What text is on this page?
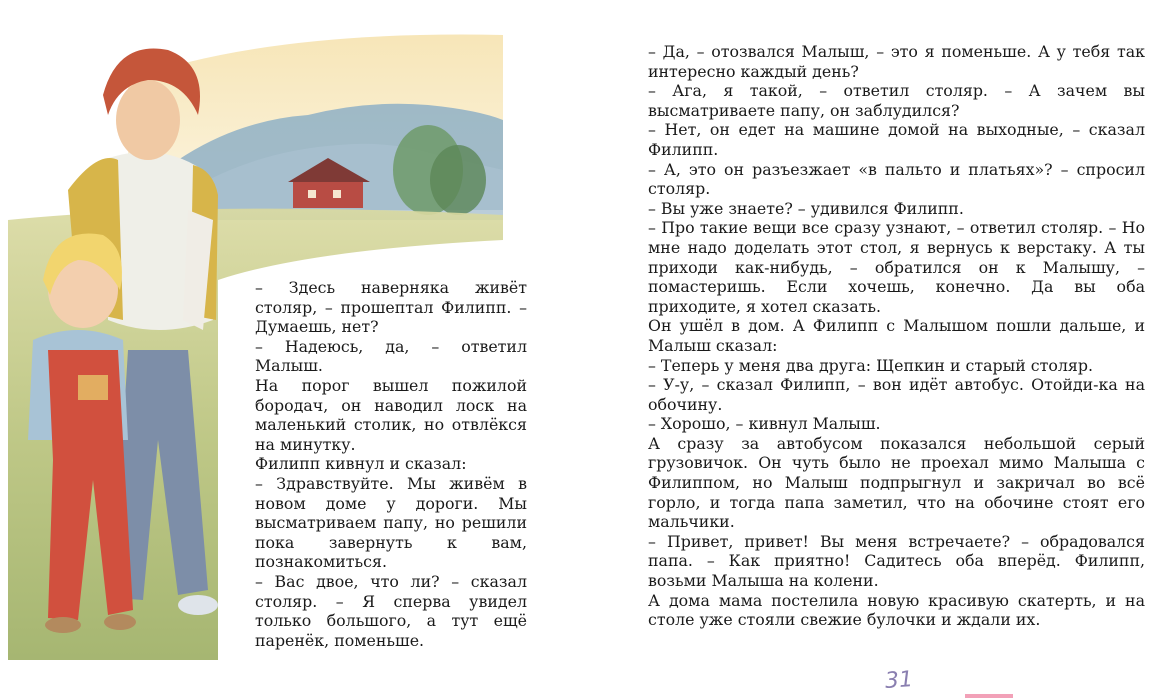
– Здесь наверняка живёт столяр, – прошептал Филипп. – Думаешь, нет?

– Надеюсь, да, – ответил Малыш.

На порог вышел пожилой бородач, он наводил лоск на маленький столик, но отвлёкся на минутку.

Филипп кивнул и сказал:

– Здравствуйте. Мы живём в новом доме у дороги. Мы высматриваем папу, но решили пока завернуть к вам, познакомиться.

– Вас двое, что ли? – сказал столяр. – Я сперва увидел только большого, а тут ещё паренёк, поменьше.

– Да, – отозвался Малыш, – это я поменьше. А у тебя так интересно каждый день?

– Ага, я такой, – ответил столяр. – А зачем вы высматриваете папу, он заблудился?

– Нет, он едет на машине домой на выходные, – сказал Филипп.

– А, это он разъезжает «в пальто и платьях»? – спросил столяр.

– Вы уже знаете? – удивился Филипп.

– Про такие вещи все сразу узнают, – ответил столяр. – Но мне надо доделать этот стол, я вернусь к верстаку. А ты приходи как-нибудь, – обратился он к Малышу, – помастеришь. Если хочешь, конечно. Да вы оба приходите, я хотел сказать.

Он ушёл в дом. А Филипп с Малышом пошли дальше, и Малыш сказал:

– Теперь у меня два друга: Щепкин и старый столяр.

– У-у, – сказал Филипп, – вон идёт автобус. Отойди-ка на обочину.

– Хорошо, – кивнул Малыш.

А сразу за автобусом показался небольшой серый грузовичок. Он чуть было не проехал мимо Малыша с Филиппом, но Малыш подпрыгнул и закричал во всё горло, и тогда папа заметил, что на обочине стоят его мальчики.

– Привет, привет! Вы меня встречаете? – обрадовался папа. – Как приятно! Садитесь оба вперёд. Филипп, возьми Малыша на колени.

А дома мама постелила новую красивую скатерть, и на столе уже стояли свежие булочки и ждали их.

31
